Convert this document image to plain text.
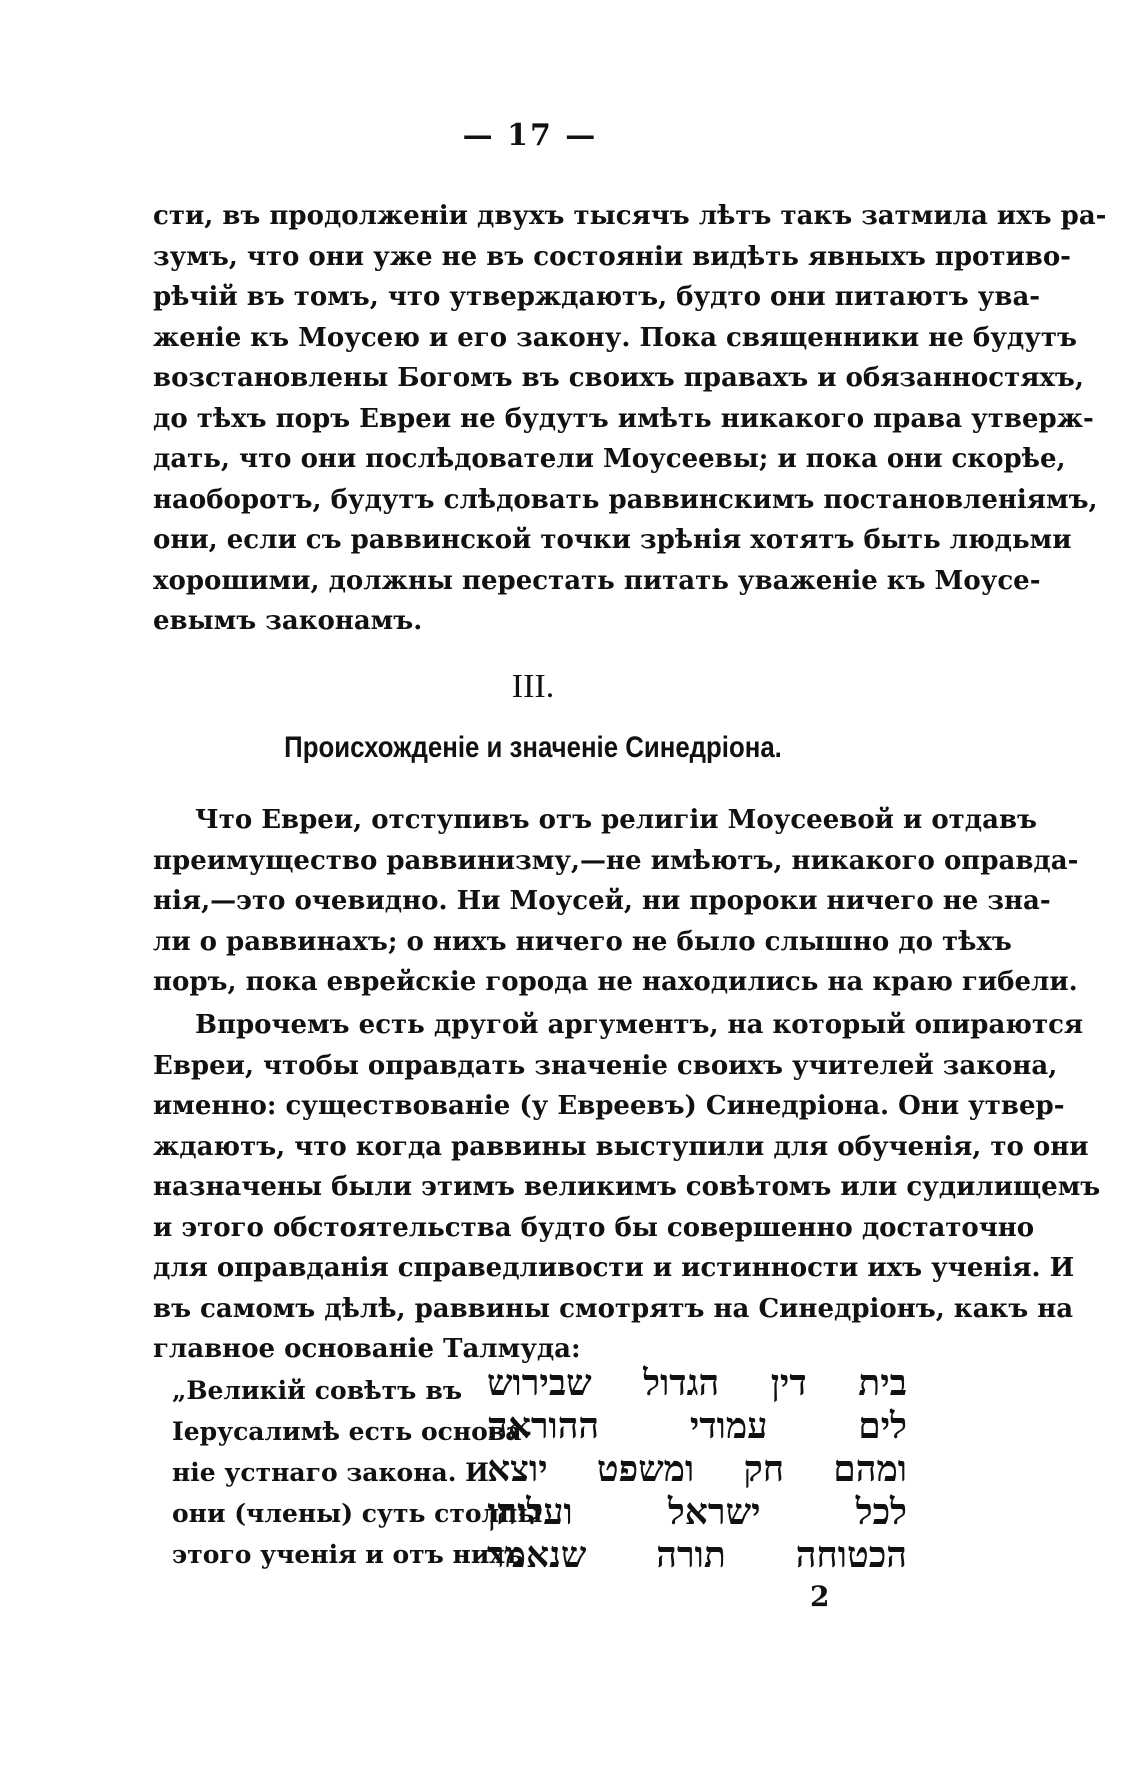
— 17 —
сти, въ продолженіи двухъ тысячъ лѣтъ такъ затмила ихъ ра-
зумъ, что они уже не въ состояніи видѣть явныхъ противо-
рѣчій въ томъ, что утверждаютъ, будто они питаютъ ува-
женіе къ Моусею и его закону. Пока священники не будутъ
возстановлены Богомъ въ своихъ правахъ и обязанностяхъ,
до тѣхъ поръ Евреи не будутъ имѣть никакого права утверж-
дать, что они послѣдователи Моусеевы; и пока они скорѣе,
наоборотъ, будутъ слѣдовать раввинскимъ постановленіямъ,
они, если съ раввинской точки зрѣнія хотятъ быть людьми
хорошими, должны перестать питать уваженіе къ Моусе-
евымъ законамъ.
III.
Происхожденіе и значеніе Синедріона.
Что Евреи, отступивъ отъ религіи Моусеевой и отдавъ
преимущество раввинизму,—не имѣютъ, никакого оправда-
нія,—это очевидно. Ни Моусей, ни пророки ничего не зна-
ли о раввинахъ; о нихъ ничего не было слышно до тѣхъ
поръ, пока еврейскіе города не находились на краю гибели.
Впрочемъ есть другой аргументъ, на который опираются
Евреи, чтобы оправдать значеніе своихъ учителей закона,
именно: существованіе (у Евреевъ) Синедріона. Они утвер-
ждаютъ, что когда раввины выступили для обученія, то они
назначены были этимъ великимъ совѣтомъ или судилищемъ
и этого обстоятельства будто бы совершенно достаточно
для оправданія справедливости и истинности ихъ ученія. И
въ самомъ дѣлѣ, раввины смотрятъ на Синедріонъ, какъ на
главное основаніе Талмуда:
„Великій совѣтъ въ
Іерусалимѣ есть основа-
ніе устнаго закона. И
они (члены) суть столпы
этого ученія и отъ нихъ
בית דין הגדול שבירוש
לים עמודי ההוראה
ומהם חק ומשפט יוצא
לכל ישראל ועליהן
הכטוחה תורה שנאמר
2
